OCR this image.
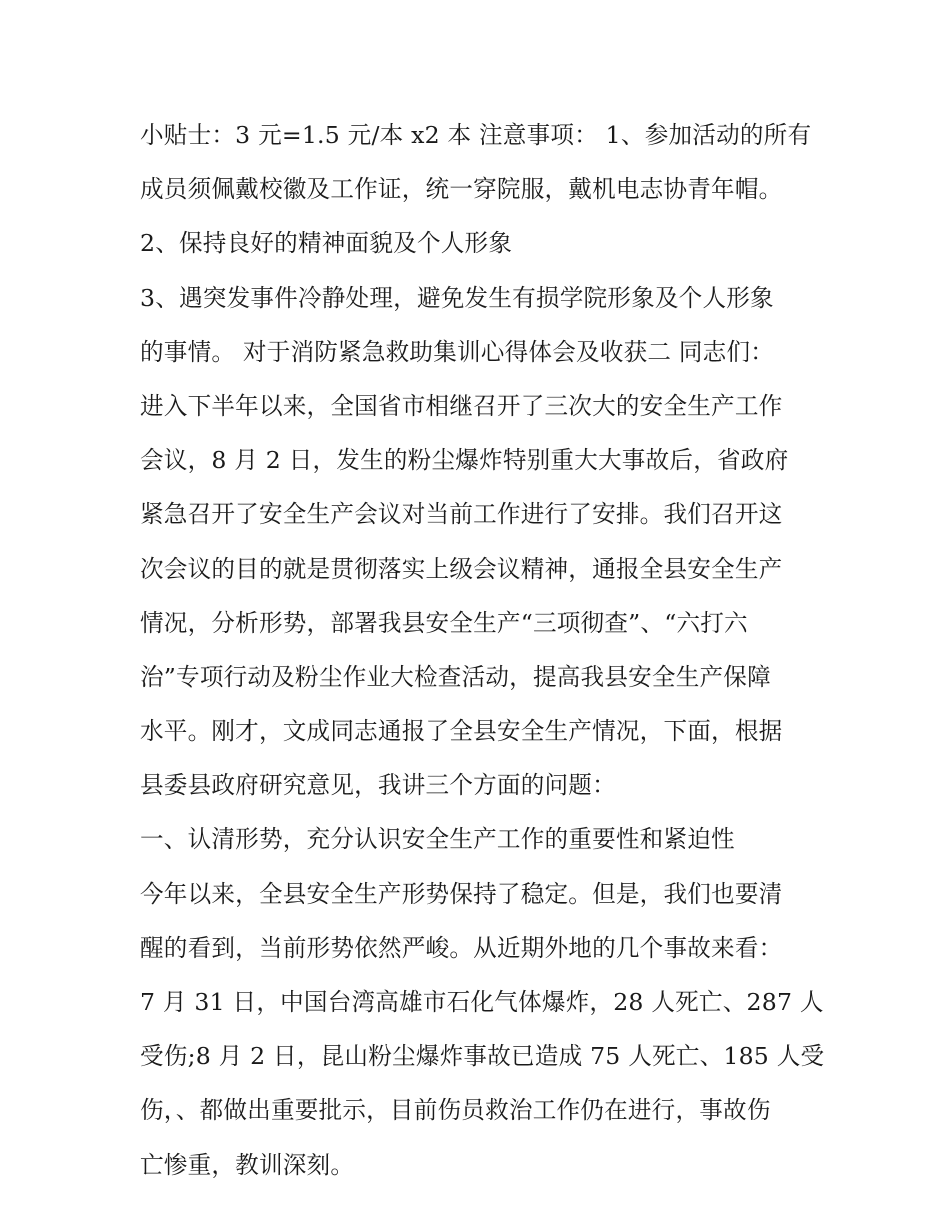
小贴士：3 元=1.5 元/本 x2 本 注意事项： 1、参加活动的所有
成员须佩戴校徽及工作证，统一穿院服，戴机电志协青年帽。
2、保持良好的精神面貌及个人形象
3、遇突发事件冷静处理，避免发生有损学院形象及个人形象
的事情。 对于消防紧急救助集训心得体会及收获二 同志们：
进入下半年以来，全国省市相继召开了三次大的安全生产工作
会议，8 月 2 日，发生的粉尘爆炸特别重大大事故后，省政府
紧急召开了安全生产会议对当前工作进行了安排。我们召开这
次会议的目的就是贯彻落实上级会议精神，通报全县安全生产
情况，分析形势，部署我县安全生产“三项彻查”、“六打六
治”专项行动及粉尘作业大检查活动，提高我县安全生产保障
水平。刚才，文成同志通报了全县安全生产情况，下面，根据
县委县政府研究意见，我讲三个方面的问题：
一、认清形势，充分认识安全生产工作的重要性和紧迫性
今年以来，全县安全生产形势保持了稳定。但是，我们也要清
醒的看到，当前形势依然严峻。从近期外地的几个事故来看：
7 月 31 日，中国台湾高雄市石化气体爆炸，28 人死亡、287 人
受伤;8 月 2 日，昆山粉尘爆炸事故已造成 75 人死亡、185 人受
伤，、都做出重要批示，目前伤员救治工作仍在进行，事故伤
亡惨重，教训深刻。
